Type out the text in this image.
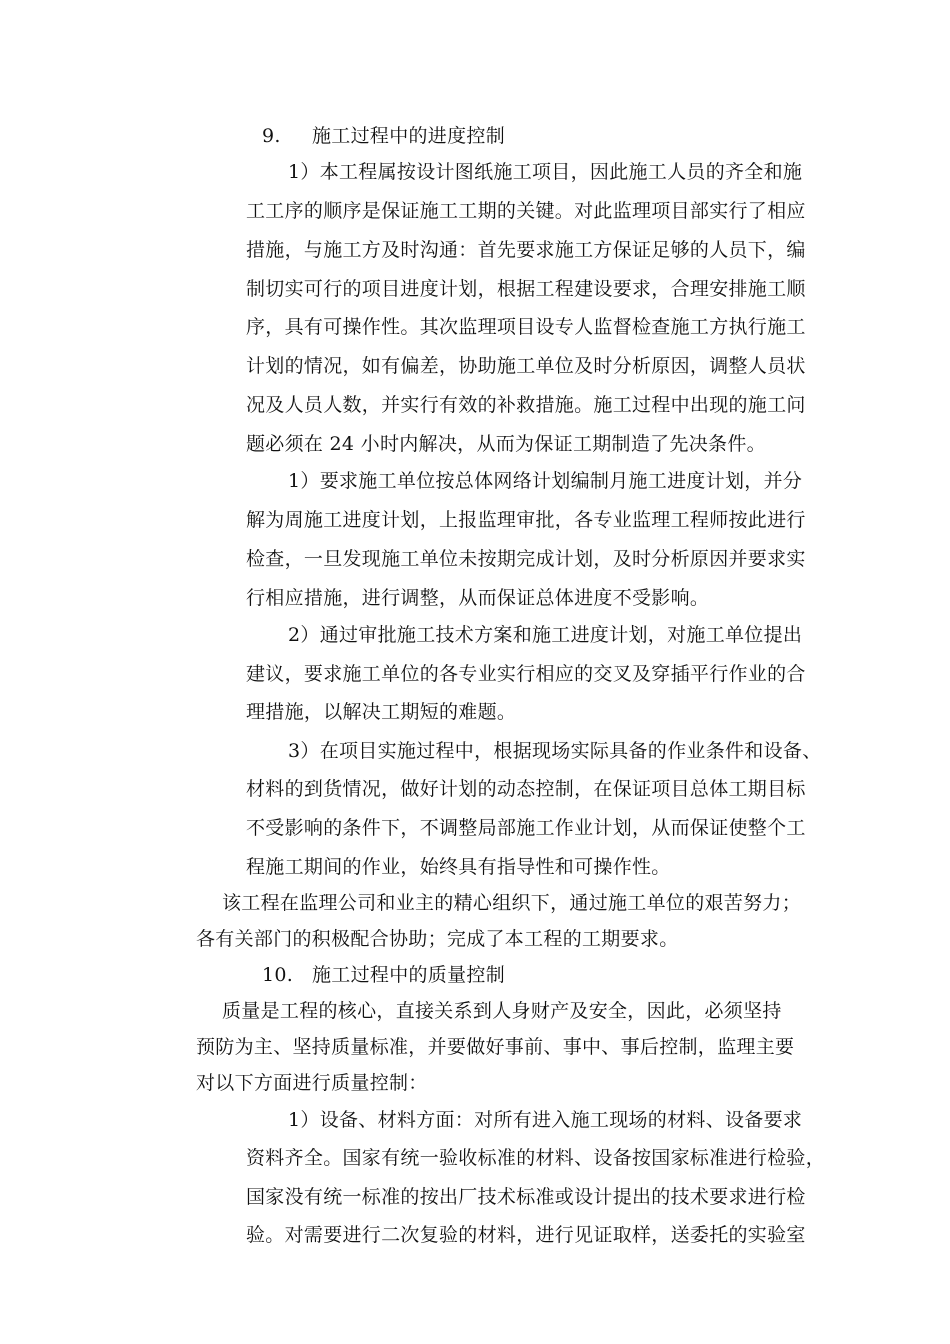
9. 施工过程中的进度控制

1）本工程属按设计图纸施工项目，因此施工人员的齐全和施

工工序的顺序是保证施工工期的关键。对此监理项目部实行了相应

措施，与施工方及时沟通：首先要求施工方保证足够的人员下，编

制切实可行的项目进度计划，根据工程建设要求，合理安排施工顺

序，具有可操作性。其次监理项目设专人监督检查施工方执行施工

计划的情况，如有偏差，协助施工单位及时分析原因，调整人员状

况及人员人数，并实行有效的补救措施。施工过程中出现的施工问

题必须在 24 小时内解决，从而为保证工期制造了先决条件。

1）要求施工单位按总体网络计划编制月施工进度计划，并分

解为周施工进度计划，上报监理审批，各专业监理工程师按此进行

检查，一旦发现施工单位未按期完成计划，及时分析原因并要求实

行相应措施，进行调整，从而保证总体进度不受影响。

2）通过审批施工技术方案和施工进度计划，对施工单位提出

建议，要求施工单位的各专业实行相应的交叉及穿插平行作业的合

理措施，以解决工期短的难题。

3）在项目实施过程中，根据现场实际具备的作业条件和设备、

材料的到货情况，做好计划的动态控制，在保证项目总体工期目标

不受影响的条件下，不调整局部施工作业计划，从而保证使整个工

程施工期间的作业，始终具有指导性和可操作性。

该工程在监理公司和业主的精心组织下，通过施工单位的艰苦努力；

各有关部门的积极配合协助；完成了本工程的工期要求。

10. 施工过程中的质量控制

质量是工程的核心，直接关系到人身财产及安全，因此，必须坚持

预防为主、坚持质量标准，并要做好事前、事中、事后控制，监理主要

对以下方面进行质量控制：

1）设备、材料方面：对所有进入施工现场的材料、设备要求

资料齐全。国家有统一验收标准的材料、设备按国家标准进行检验，

国家没有统一标准的按出厂技术标准或设计提出的技术要求进行检

验。对需要进行二次复验的材料，进行见证取样，送委托的实验室
